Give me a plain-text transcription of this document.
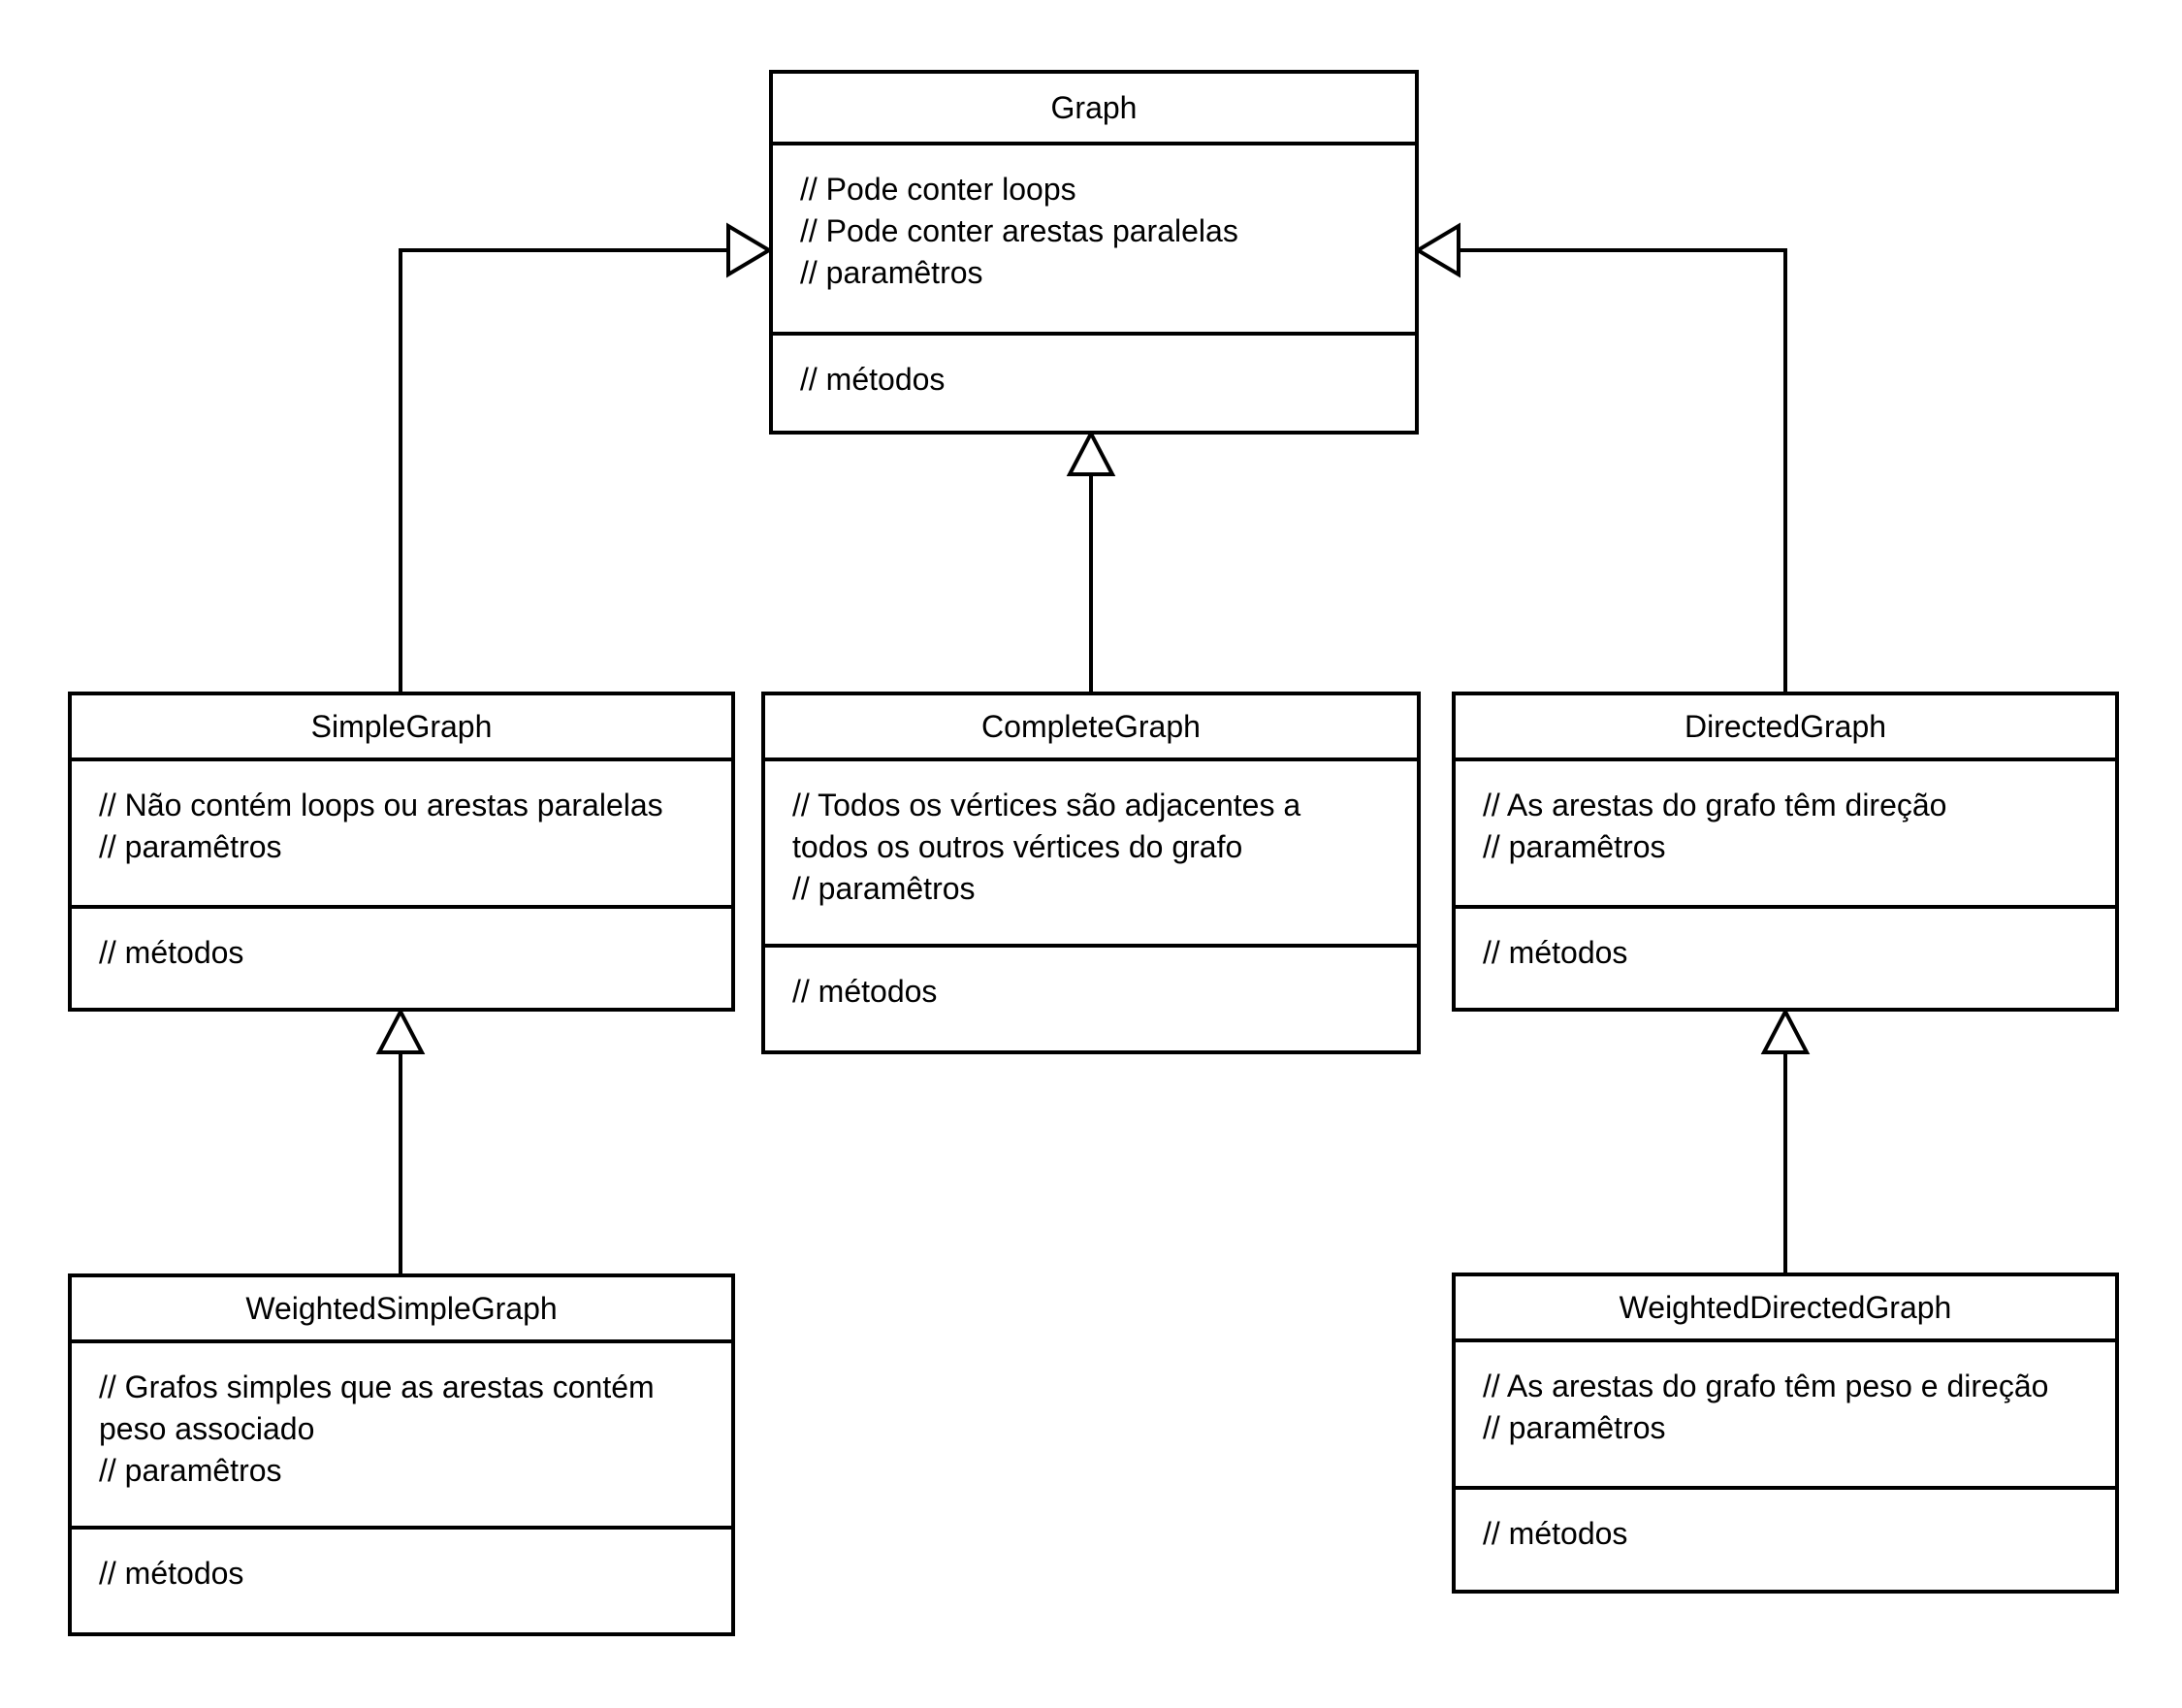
Graph
// Pode conter loops
// Pode conter arestas paralelas
// paramêtros
// métodos
SimpleGraph
// Não contém loops ou arestas paralelas
// paramêtros
// métodos
CompleteGraph
// Todos os vértices são adjacentes a
todos os outros vértices do grafo
// paramêtros
// métodos
DirectedGraph
// As arestas do grafo têm direção
// paramêtros
// métodos
WeightedSimpleGraph
// Grafos simples que as arestas contém
peso associado
// paramêtros
// métodos
WeightedDirectedGraph
// As arestas do grafo têm peso e direção
// paramêtros
// métodos
